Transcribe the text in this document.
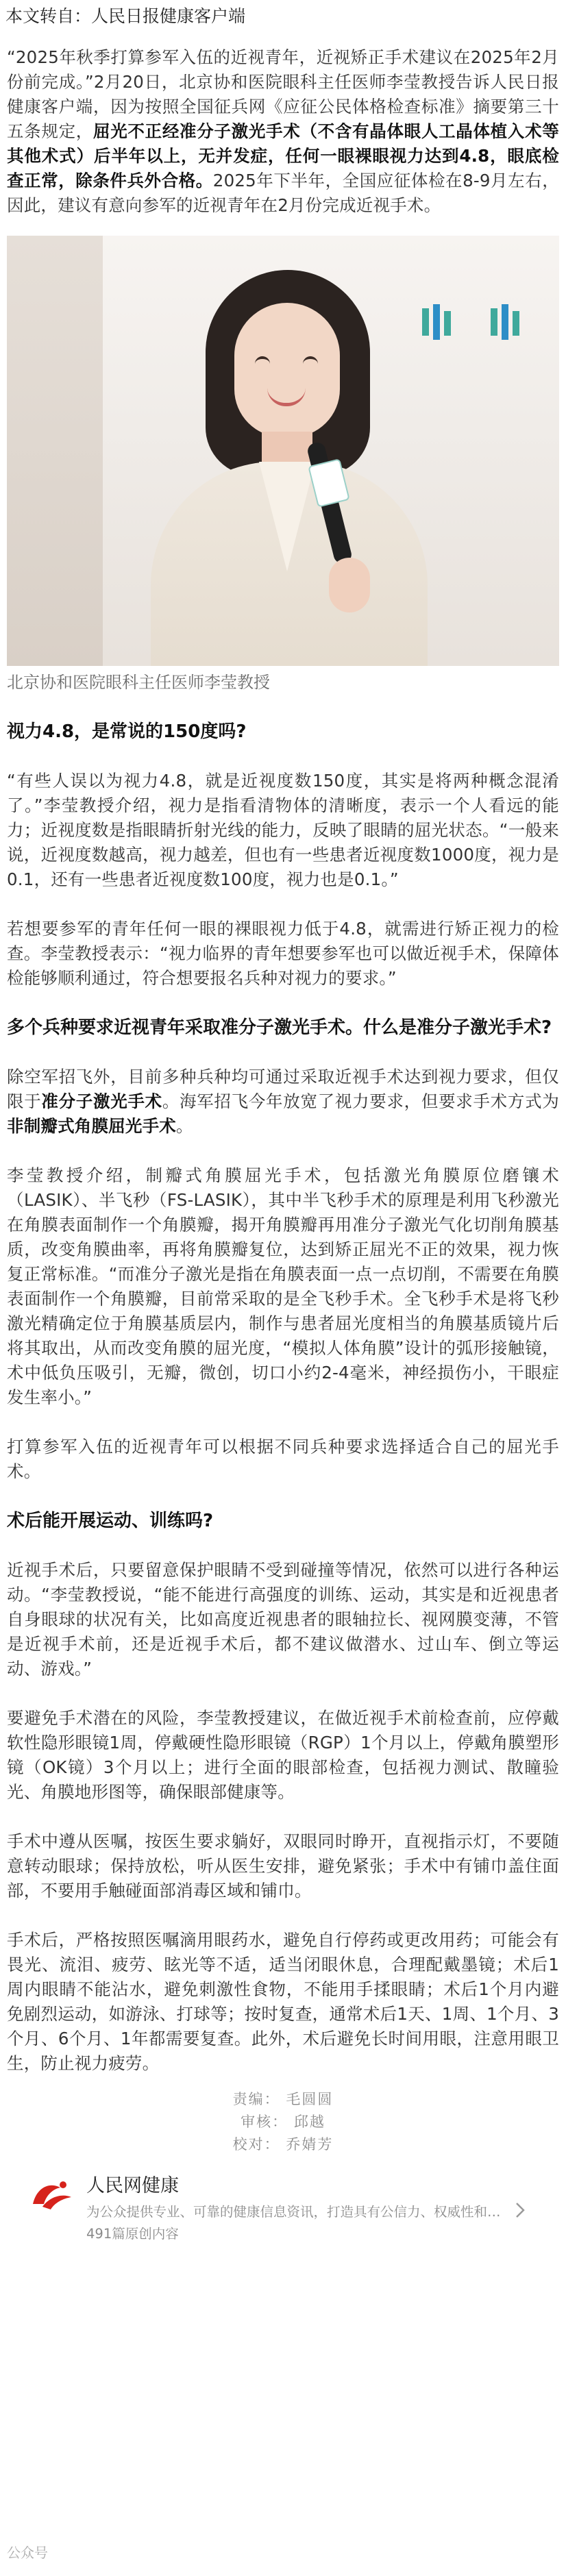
本文转自：人民日报健康客户端

“2025年秋季打算参军入伍的近视青年，近视矫正手术建议在2025年2月份前完成。”2月20日，北京协和医院眼科主任医师李莹教授告诉人民日报健康客户端，因为按照全国征兵网《应征公民体格检查标准》摘要第三十五条规定，屈光不正经准分子激光手术（不含有晶体眼人工晶体植入术等其他术式）后半年以上，无并发症，任何一眼裸眼视力达到4.8，眼底检查正常，除条件兵外合格。2025年下半年，全国应征体检在8-9月左右，因此，建议有意向参军的近视青年在2月份完成近视手术。

北京协和医院眼科主任医师李莹教授

视力4.8，是常说的150度吗?

“有些人误以为视力4.8，就是近视度数150度，其实是将两种概念混淆了。”李莹教授介绍，视力是指看清物体的清晰度，表示一个人看远的能力；近视度数是指眼睛折射光线的能力，反映了眼睛的屈光状态。“一般来说，近视度数越高，视力越差，但也有一些患者近视度数1000度，视力是0.1，还有一些患者近视度数100度，视力也是0.1。”

若想要参军的青年任何一眼的裸眼视力低于4.8，就需进行矫正视力的检查。李莹教授表示：“视力临界的青年想要参军也可以做近视手术，保障体检能够顺利通过，符合想要报名兵种对视力的要求。”

多个兵种要求近视青年采取准分子激光手术。什么是准分子激光手术?

除空军招飞外，目前多种兵种均可通过采取近视手术达到视力要求，但仅限于准分子激光手术。海军招飞今年放宽了视力要求，但要求手术方式为非制瓣式角膜屈光手术。

李莹教授介绍，制瓣式角膜屈光手术，包括激光角膜原位磨镶术（LASIK）、半飞秒（FS-LASIK），其中半飞秒手术的原理是利用飞秒激光在角膜表面制作一个角膜瓣，揭开角膜瓣再用准分子激光气化切削角膜基质，改变角膜曲率，再将角膜瓣复位，达到矫正屈光不正的效果，视力恢复正常标准。“而准分子激光是指在角膜表面一点一点切削，不需要在角膜表面制作一个角膜瓣，目前常采取的是全飞秒手术。全飞秒手术是将飞秒激光精确定位于角膜基质层内，制作与患者屈光度相当的角膜基质镜片后将其取出，从而改变角膜的屈光度，“模拟人体角膜”设计的弧形接触镜，术中低负压吸引，无瓣，微创，切口小约2-4毫米，神经损伤小，干眼症发生率小。”

打算参军入伍的近视青年可以根据不同兵种要求选择适合自己的屈光手术。

术后能开展运动、训练吗?

近视手术后，只要留意保护眼睛不受到碰撞等情况，依然可以进行各种运动。“李莹教授说，“能不能进行高强度的训练、运动，其实是和近视患者自身眼球的状况有关，比如高度近视患者的眼轴拉长、视网膜变薄，不管是近视手术前，还是近视手术后，都不建议做潜水、过山车、倒立等运动、游戏。”

要避免手术潜在的风险，李莹教授建议，在做近视手术前检查前，应停戴软性隐形眼镜1周，停戴硬性隐形眼镜（RGP）1个月以上，停戴角膜塑形镜（OK镜）3个月以上；进行全面的眼部检查，包括视力测试、散瞳验光、角膜地形图等，确保眼部健康等。

手术中遵从医嘱，按医生要求躺好，双眼同时睁开，直视指示灯，不要随意转动眼球；保持放松，听从医生安排，避免紧张；手术中有铺巾盖住面部，不要用手触碰面部消毒区域和铺巾。

手术后，严格按照医嘱滴用眼药水，避免自行停药或更改用药；可能会有畏光、流泪、疲劳、眩光等不适，适当闭眼休息，合理配戴墨镜；术后1周内眼睛不能沾水，避免刺激性食物，不能用手揉眼睛；术后1个月内避免剧烈运动，如游泳、打球等；按时复查，通常术后1天、1周、1个月、3个月、6个月、1年都需要复查。此外，术后避免长时间用眼，注意用眼卫生，防止视力疲劳。

责编： 毛圆圆
审核： 邱越
校对： 乔婧芳
人民网健康
为公众提供专业、可靠的健康信息资讯，打造具有公信力、权威性和…
491篇原创内容
公众号
